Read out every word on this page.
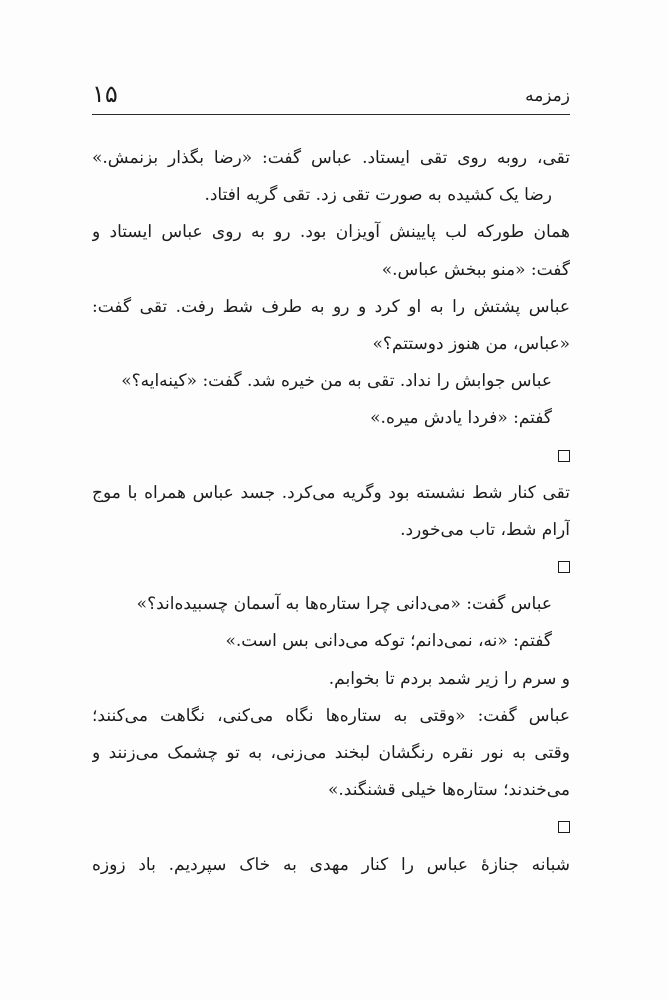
زمزمه
۱۵
تقی، روبه روی تقی ایستاد. عباس گفت: «رضا بگذار بزنمش.»
رضا یک کشیده به صورت تقی زد. تقی گریه افتاد.
همان طورکه لب پایینش آویزان بود. رو به روی عباس ایستاد و
گفت: «منو ببخش عباس.»
عباس پشتش را به او کرد و رو به طرف شط رفت. تقی گفت:
«عباس، من هنوز دوستتم؟»
عباس جوابش را نداد. تقی به من خیره شد. گفت: «کینه‌ایه؟»
گفتم: «فردا یادش میره.»
تقی کنار شط نشسته بود وگریه می‌کرد. جسد عباس همراه با موج
آرام شط، تاب می‌خورد.
عباس گفت: «می‌دانی چرا ستاره‌ها به آسمان چسبیده‌اند؟»
گفتم: «نه، نمی‌دانم؛ توکه می‌دانی بس است.»
و سرم را زیر شمد بردم تا بخوابم.
عباس گفت: «وقتی به ستاره‌ها نگاه می‌کنی، نگاهت می‌کنند؛
وقتی به نور نقره رنگشان لبخند می‌زنی، به تو چشمک می‌زنند و
می‌خندند؛ ستاره‌ها خیلی قشنگند.»
شبانه جنازهٔ عباس را کنار مهدی به خاک سپردیم. باد زوزه
